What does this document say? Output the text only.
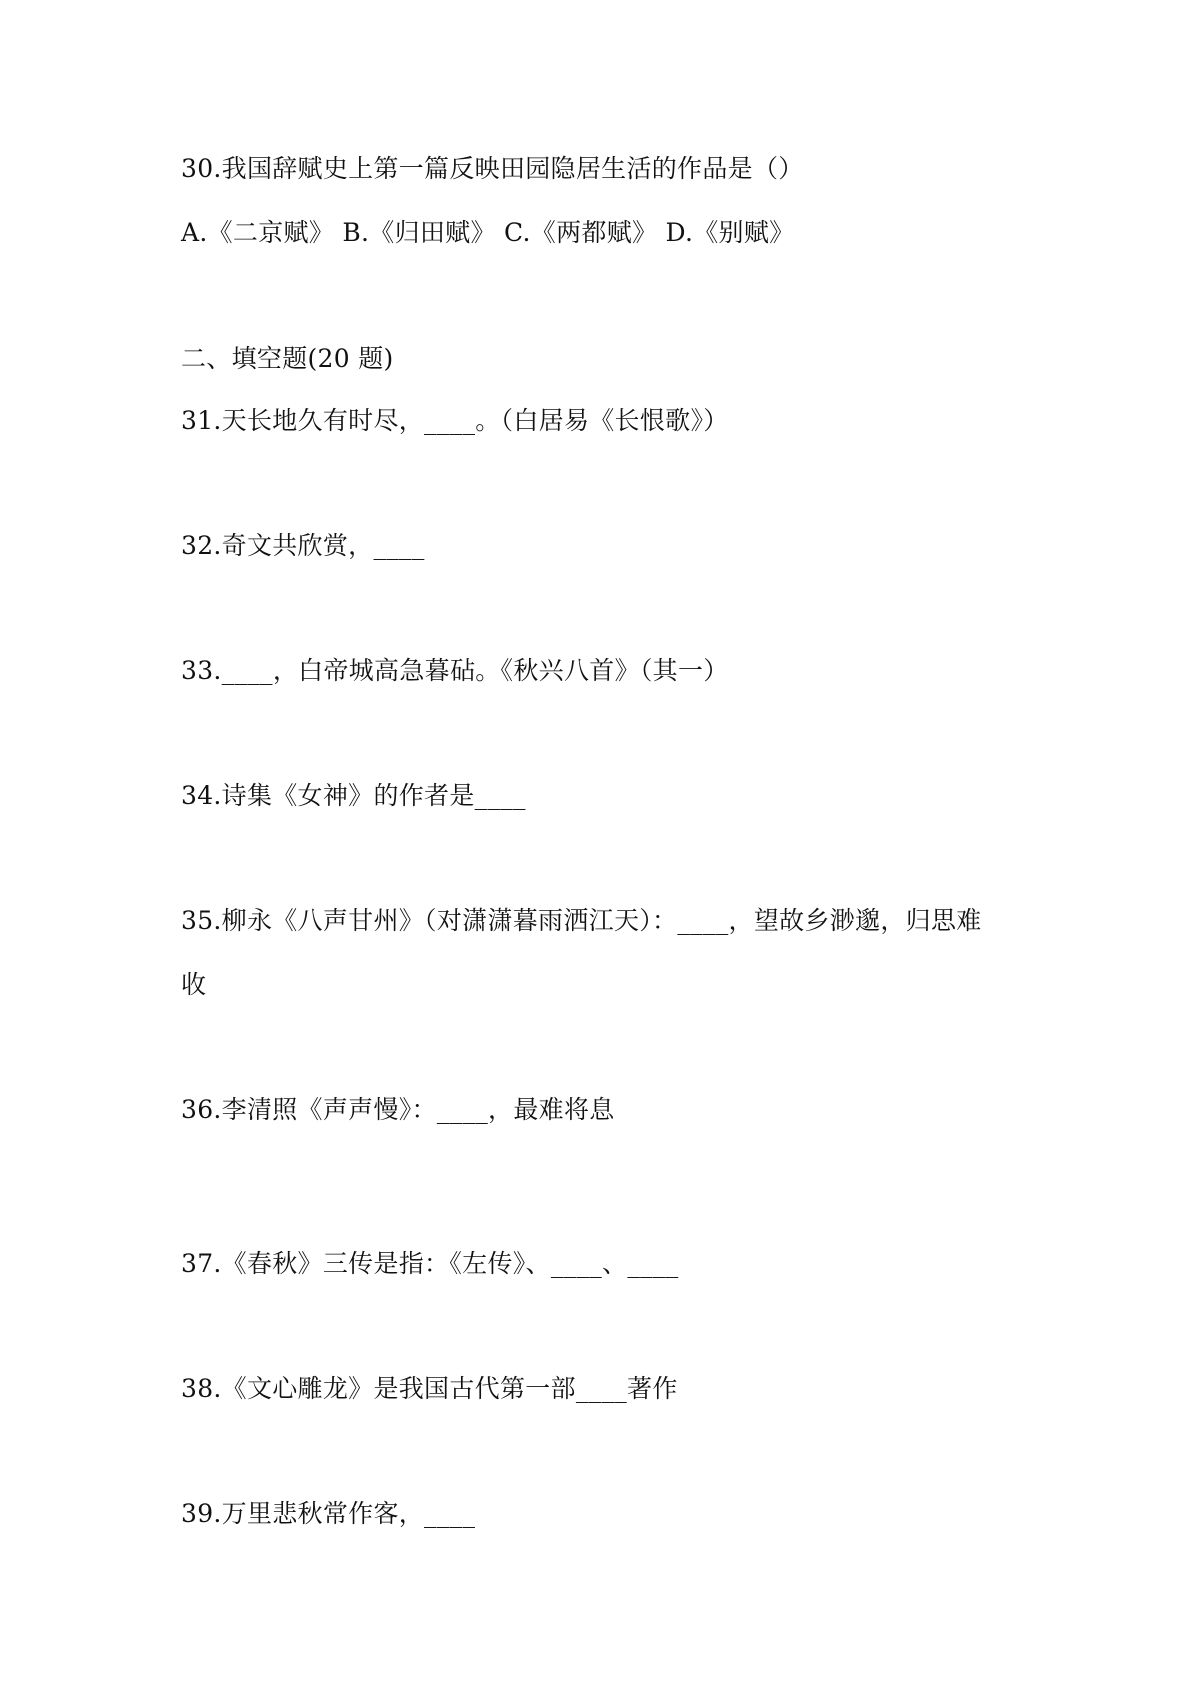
30.我国辞赋史上第一篇反映田园隐居生活的作品是（）
A.《二京赋》 B.《归田赋》 C.《两都赋》 D.《别赋》
二、填空题(20 题)
31.天长地久有时尽，____。（白居易《长恨歌》）
32.奇文共欣赏，____
33.____，白帝城高急暮砧。《秋兴八首》（其一）
34.诗集《女神》的作者是____
35.柳永《八声甘州》（对潇潇暮雨洒江天）：____，望故乡渺邈，归思难
收
36.李清照《声声慢》：____，最难将息
37.《春秋》三传是指：《左传》、____、____
38.《文心雕龙》是我国古代第一部____著作
39.万里悲秋常作客，____
